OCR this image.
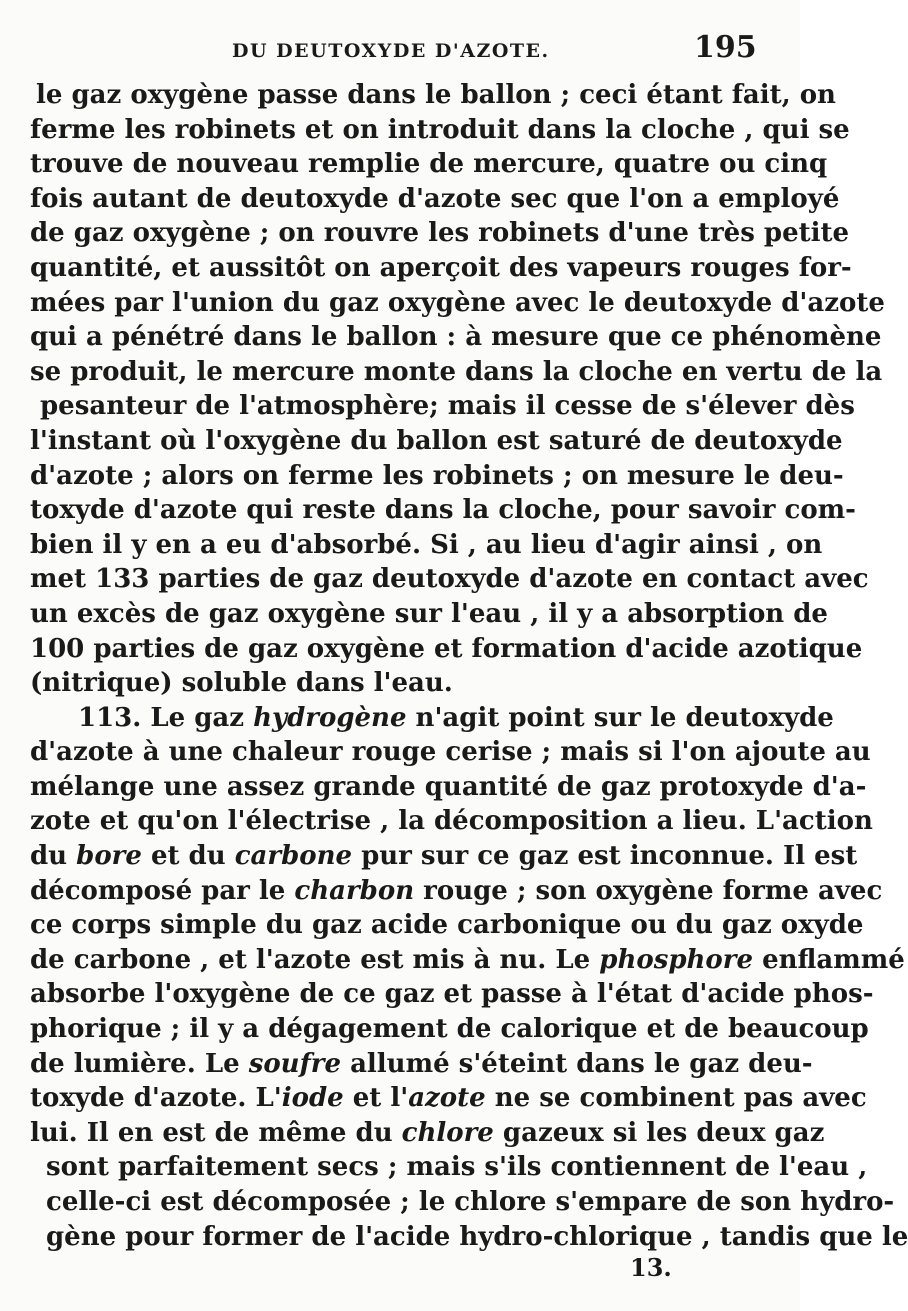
DU DEUTOXYDE D'AZOTE.	195
le gaz oxygène passe dans le ballon ; ceci étant fait, on
ferme les robinets et on introduit dans la cloche , qui se
trouve de nouveau remplie de mercure, quatre ou cinq
fois autant de deutoxyde d'azote sec que l'on a employé
de gaz oxygène ; on rouvre les robinets d'une très petite
quantité, et aussitôt on aperçoit des vapeurs rouges for-
mées par l'union du gaz oxygène avec le deutoxyde d'azote
qui a pénétré dans le ballon : à mesure que ce phénomène
se produit, le mercure monte dans la cloche en vertu de la
pesanteur de l'atmosphère; mais il cesse de s'élever dès
l'instant où l'oxygène du ballon est saturé de deutoxyde
d'azote ; alors on ferme les robinets ; on mesure le deu-
toxyde d'azote qui reste dans la cloche, pour savoir com-
bien il y en a eu d'absorbé. Si , au lieu d'agir ainsi , on
met 133 parties de gaz deutoxyde d'azote en contact avec
un excès de gaz oxygène sur l'eau , il y a absorption de
100 parties de gaz oxygène et formation d'acide azotique
(nitrique) soluble dans l'eau.
113. Le gaz hydrogène n'agit point sur le deutoxyde
d'azote à une chaleur rouge cerise ; mais si l'on ajoute au
mélange une assez grande quantité de gaz protoxyde d'a-
zote et qu'on l'électrise , la décomposition a lieu. L'action
du bore et du carbone pur sur ce gaz est inconnue. Il est
décomposé par le charbon rouge ; son oxygène forme avec
ce corps simple du gaz acide carbonique ou du gaz oxyde
de carbone , et l'azote est mis à nu. Le phosphore enflammé
absorbe l'oxygène de ce gaz et passe à l'état d'acide phos-
phorique ; il y a dégagement de calorique et de beaucoup
de lumière. Le soufre allumé s'éteint dans le gaz deu-
toxyde d'azote. L'iode et l'azote ne se combinent pas avec
lui. Il en est de même du chlore gazeux si les deux gaz
sont parfaitement secs ; mais s'ils contiennent de l'eau ,
celle-ci est décomposée ; le chlore s'empare de son hydro-
gène pour former de l'acide hydro-chlorique , tandis que le
13.
